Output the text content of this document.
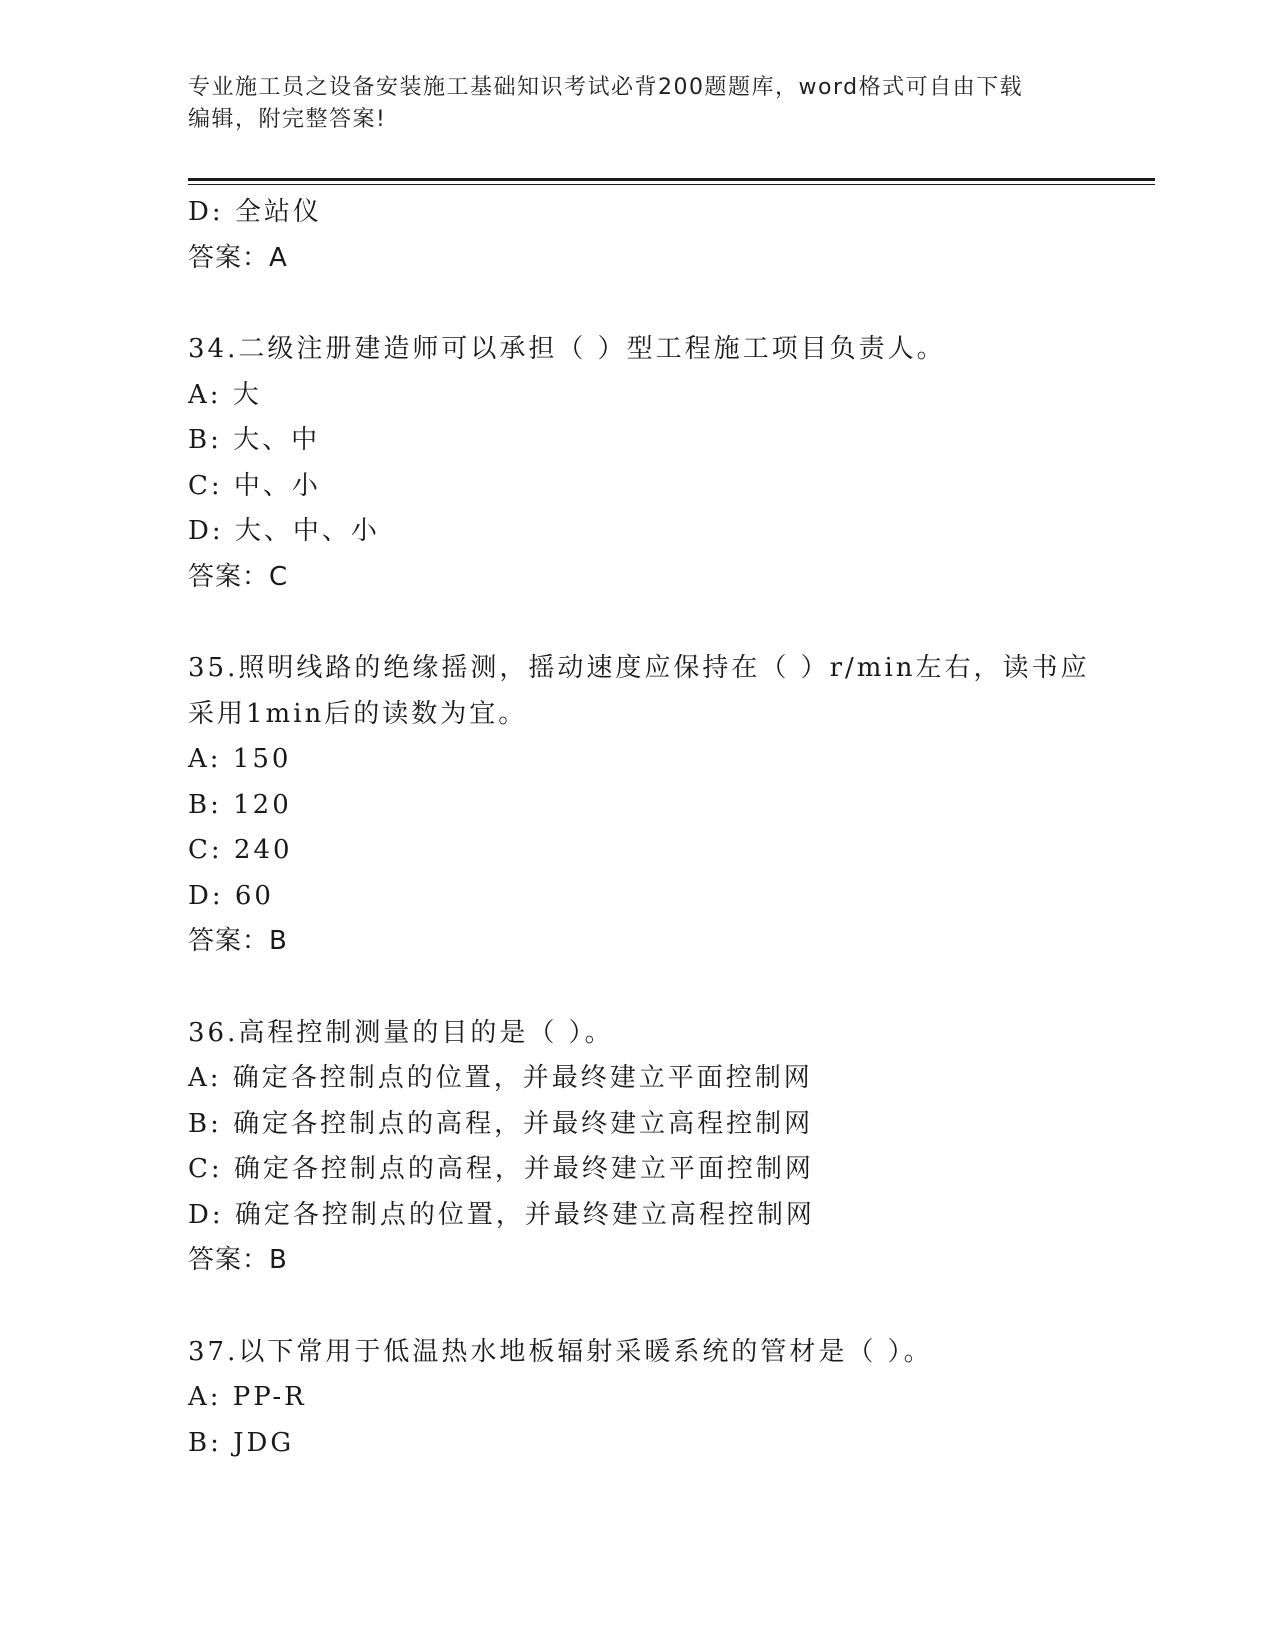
专业施工员之设备安装施工基础知识考试必背200题题库，word格式可自由下载
编辑，附完整答案!
D: 全站仪
答案：A
34.二级注册建造师可以承担（ ）型工程施工项目负责人。
A: 大
B: 大、中
C: 中、小
D: 大、中、小
答案：C
35.照明线路的绝缘摇测，摇动速度应保持在（ ）r/min左右，读书应
采用1min后的读数为宜。
A: 150
B: 120
C: 240
D: 60
答案：B
36.高程控制测量的目的是（ ）。
A: 确定各控制点的位置，并最终建立平面控制网
B: 确定各控制点的高程，并最终建立高程控制网
C: 确定各控制点的高程，并最终建立平面控制网
D: 确定各控制点的位置，并最终建立高程控制网
答案：B
37.以下常用于低温热水地板辐射采暖系统的管材是（ ）。
A: PP-R
B: JDG
